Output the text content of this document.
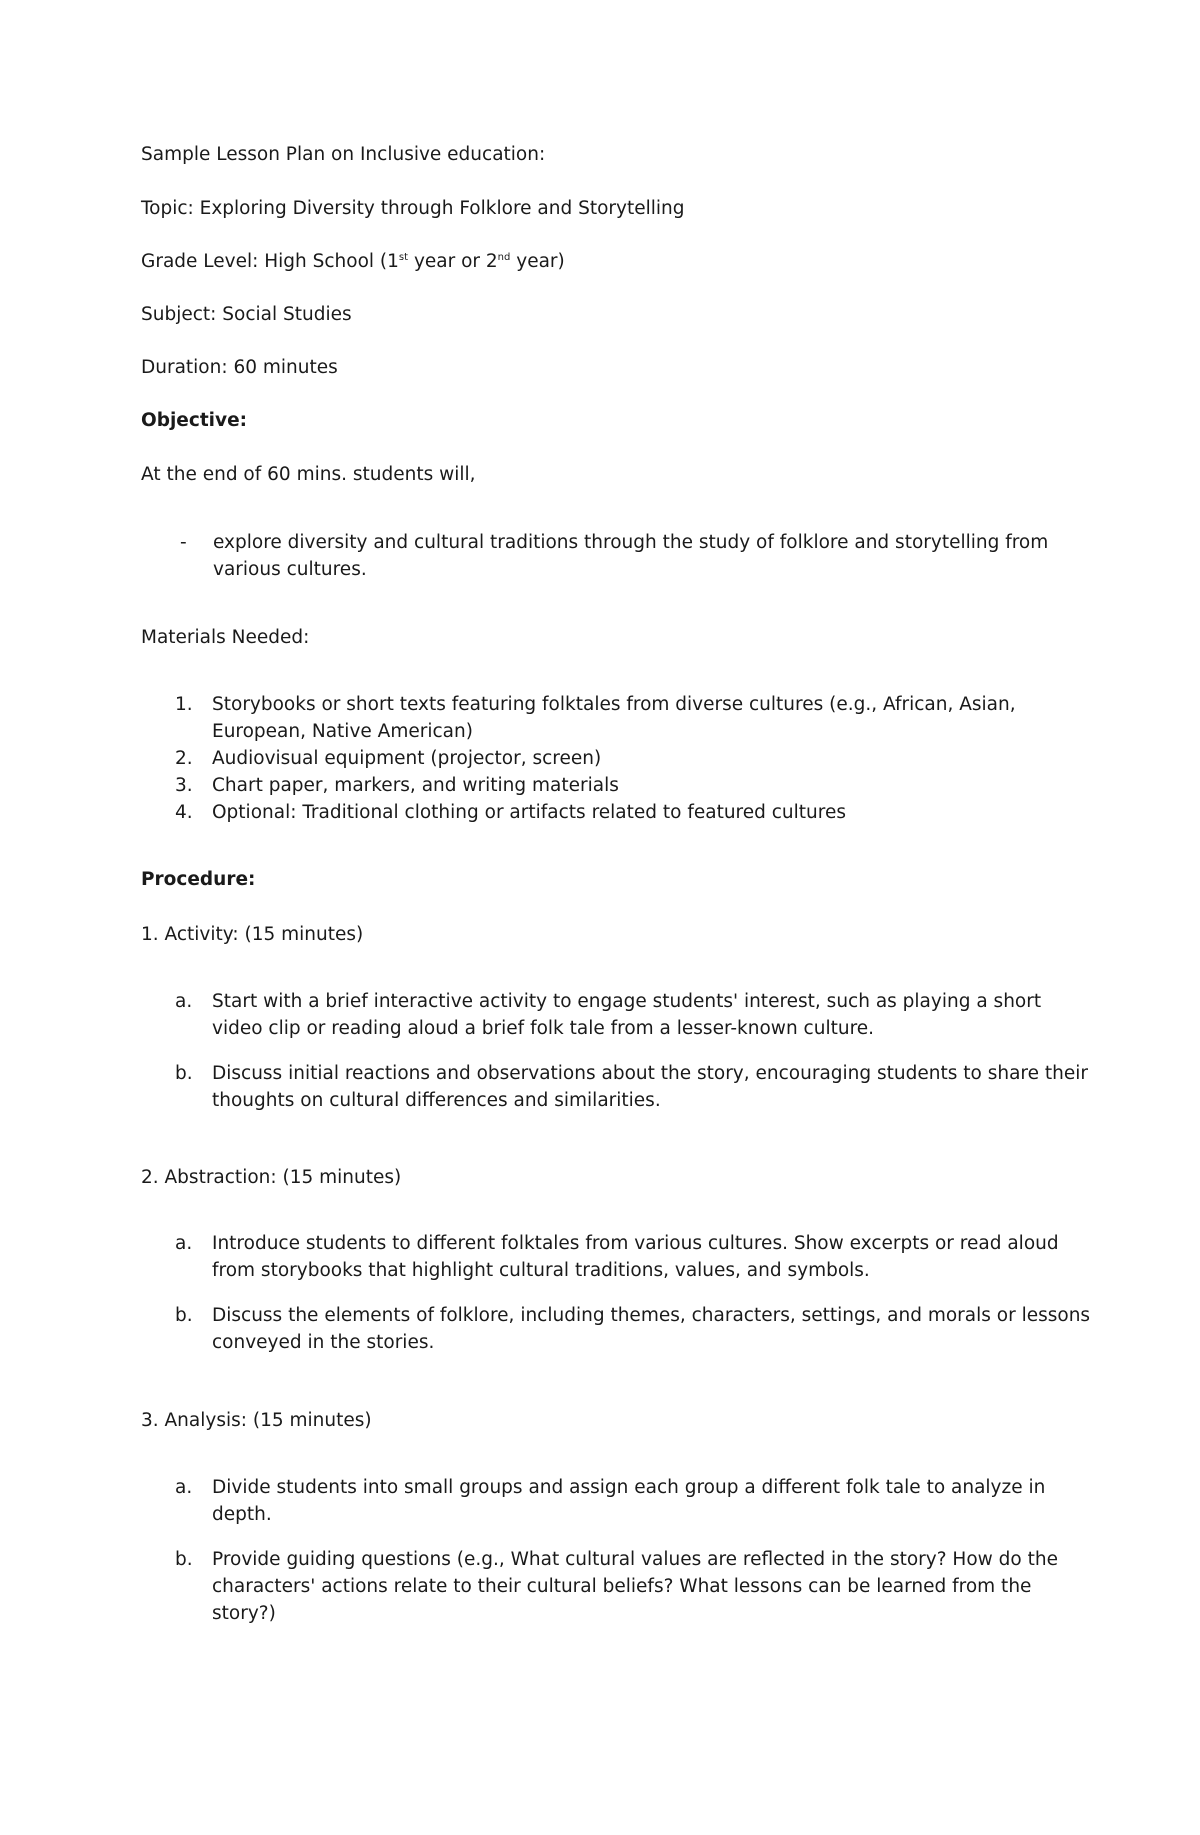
Sample Lesson Plan on Inclusive education:
Topic: Exploring Diversity through Folklore and Storytelling
Grade Level: High School (1st year or 2nd year)
Subject: Social Studies
Duration: 60 minutes
Objective:
At the end of 60 mins. students will,
- explore diversity and cultural traditions through the study of folklore and storytelling from various cultures.
Materials Needed:
1.	Storybooks or short texts featuring folktales from diverse cultures (e.g., African, Asian, European, Native American)
2.	Audiovisual equipment (projector, screen)
3.	Chart paper, markers, and writing materials
4.	Optional: Traditional clothing or artifacts related to featured cultures
Procedure:
1. Activity: (15 minutes)
a.	Start with a brief interactive activity to engage students' interest, such as playing a short video clip or reading aloud a brief folk tale from a lesser-known culture.
b.	Discuss initial reactions and observations about the story, encouraging students to share their thoughts on cultural differences and similarities.
2. Abstraction: (15 minutes)
a.	Introduce students to different folktales from various cultures. Show excerpts or read aloud from storybooks that highlight cultural traditions, values, and symbols.
b.	Discuss the elements of folklore, including themes, characters, settings, and morals or lessons conveyed in the stories.
3. Analysis: (15 minutes)
a.	Divide students into small groups and assign each group a different folk tale to analyze in depth.
b.	Provide guiding questions (e.g., What cultural values are reflected in the story? How do the characters' actions relate to their cultural beliefs? What lessons can be learned from the story?)
